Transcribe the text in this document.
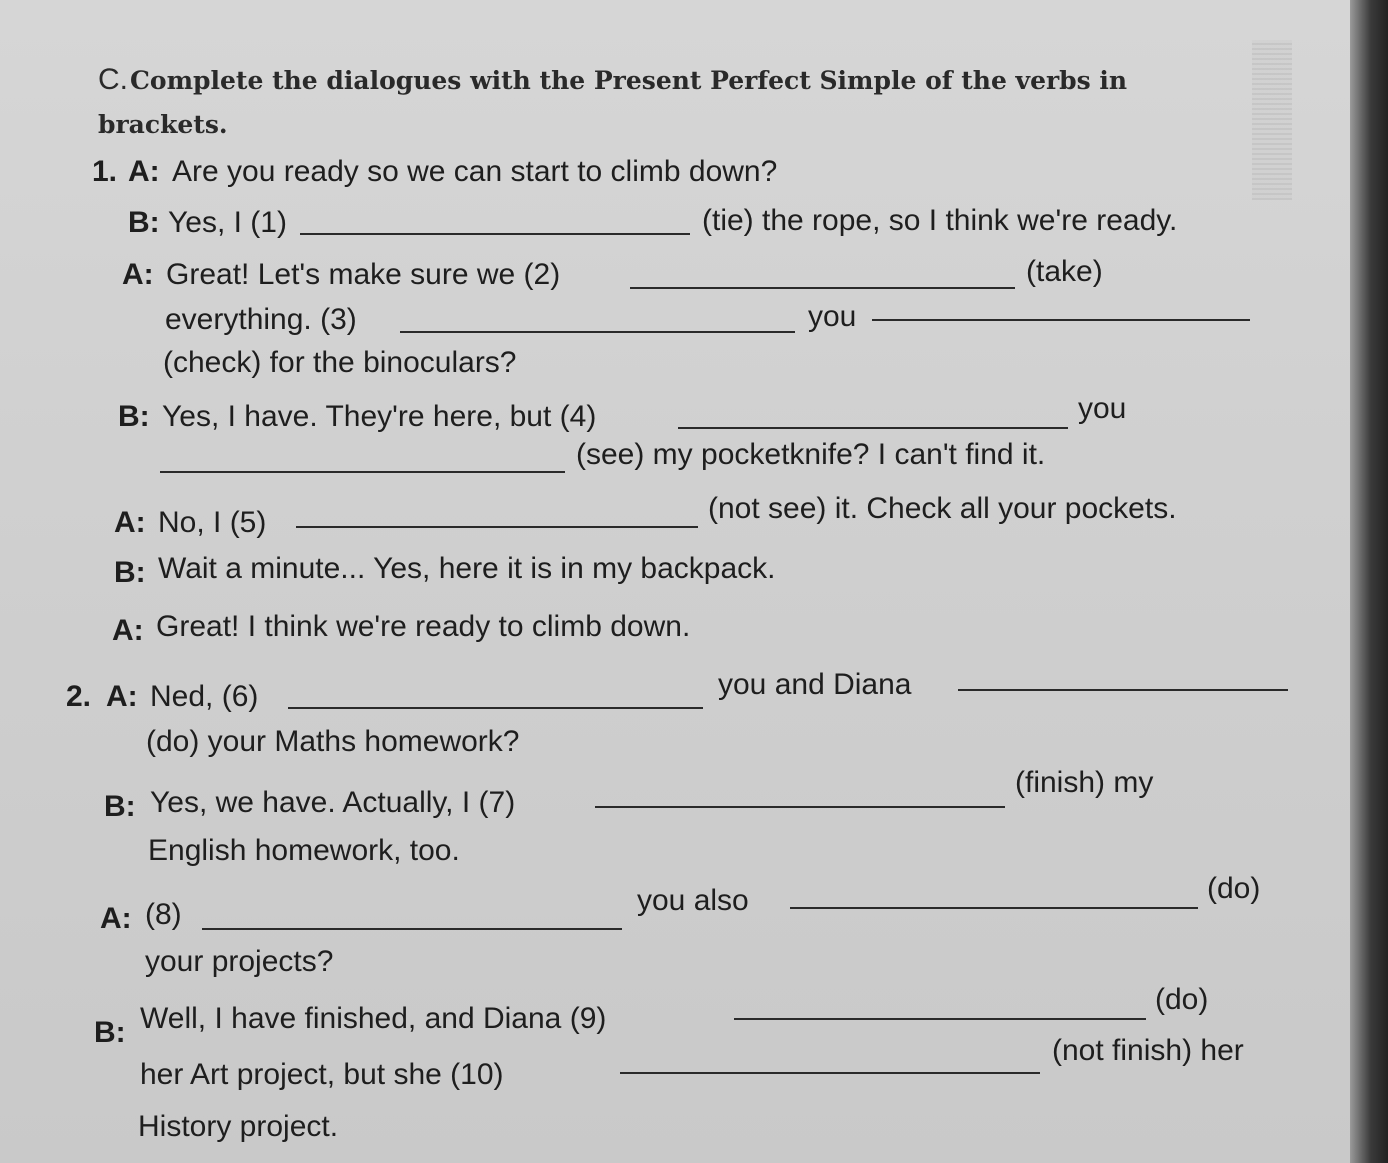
C.Complete the dialogues with the Present Perfect Simple of the verbs in brackets.
1. A: Are you ready so we can start to climb down?
B: Yes, I (1)	(tie) the rope, so I think we're ready.
A: Great! Let's make sure we (2)	(take)
everything. (3)	you
(check) for the binoculars?
B: Yes, I have. They're here, but (4)	you
(see) my pocketknife? I can't find it.
A: No, I (5)	(not see) it. Check all your pockets.
B: Wait a minute... Yes, here it is in my backpack.
A: Great! I think we're ready to climb down.
2. A: Ned, (6)	you and Diana
(do) your Maths homework?
B: Yes, we have. Actually, I (7)
(finish) my
English homework, too.
A: (8)	you also	(do)
your projects?
B: Well, I have finished, and Diana (9)
(do)
her Art project, but she (10)
(not finish) her
History project.
